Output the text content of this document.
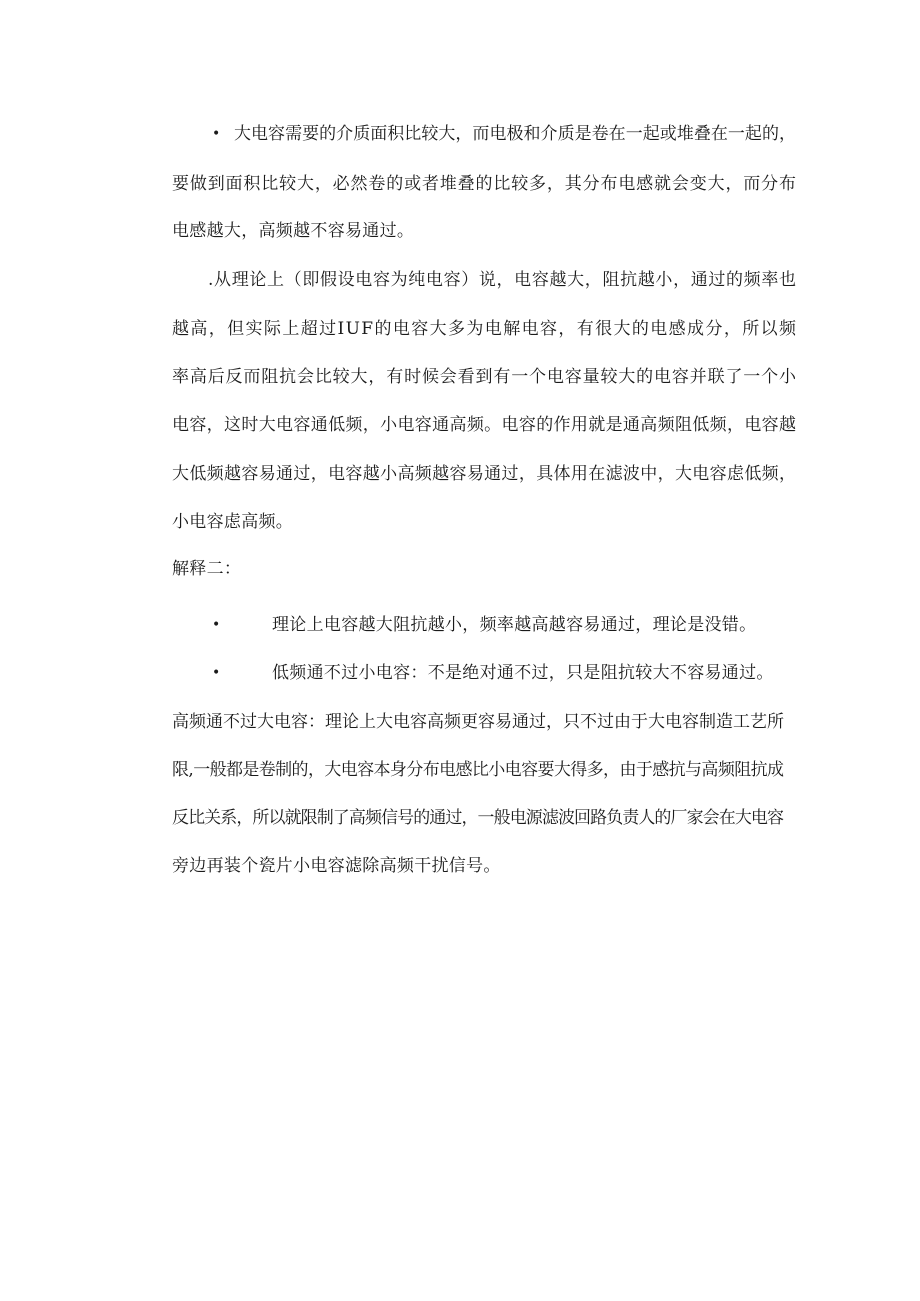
• 大电容需要的介质面积比较大，而电极和介质是卷在一起或堆叠在一起的，
要做到面积比较大，必然卷的或者堆叠的比较多，其分布电感就会变大，而分布
电感越大，高频越不容易通过。
.从理论上（即假设电容为纯电容）说，电容越大，阻抗越小，通过的频率也
越高，但实际上超过IUF的电容大多为电解电容，有很大的电感成分，所以频
率高后反而阻抗会比较大，有时候会看到有一个电容量较大的电容并联了一个小
电容，这时大电容通低频，小电容通高频。电容的作用就是通高频阻低频，电容越
大低频越容易通过，电容越小高频越容易通过，具体用在滤波中，大电容虑低频，
小电容虑高频。
解释二：
•	理论上电容越大阻抗越小，频率越高越容易通过，理论是没错。
•	低频通不过小电容：不是绝对通不过，只是阻抗较大不容易通过。
高频通不过大电容：理论上大电容高频更容易通过，只不过由于大电容制造工艺所
限,一般都是卷制的，大电容本身分布电感比小电容要大得多，由于感抗与高频阻抗成
反比关系，所以就限制了高频信号的通过，一般电源滤波回路负责人的厂家会在大电容
旁边再装个瓷片小电容滤除高频干扰信号。
